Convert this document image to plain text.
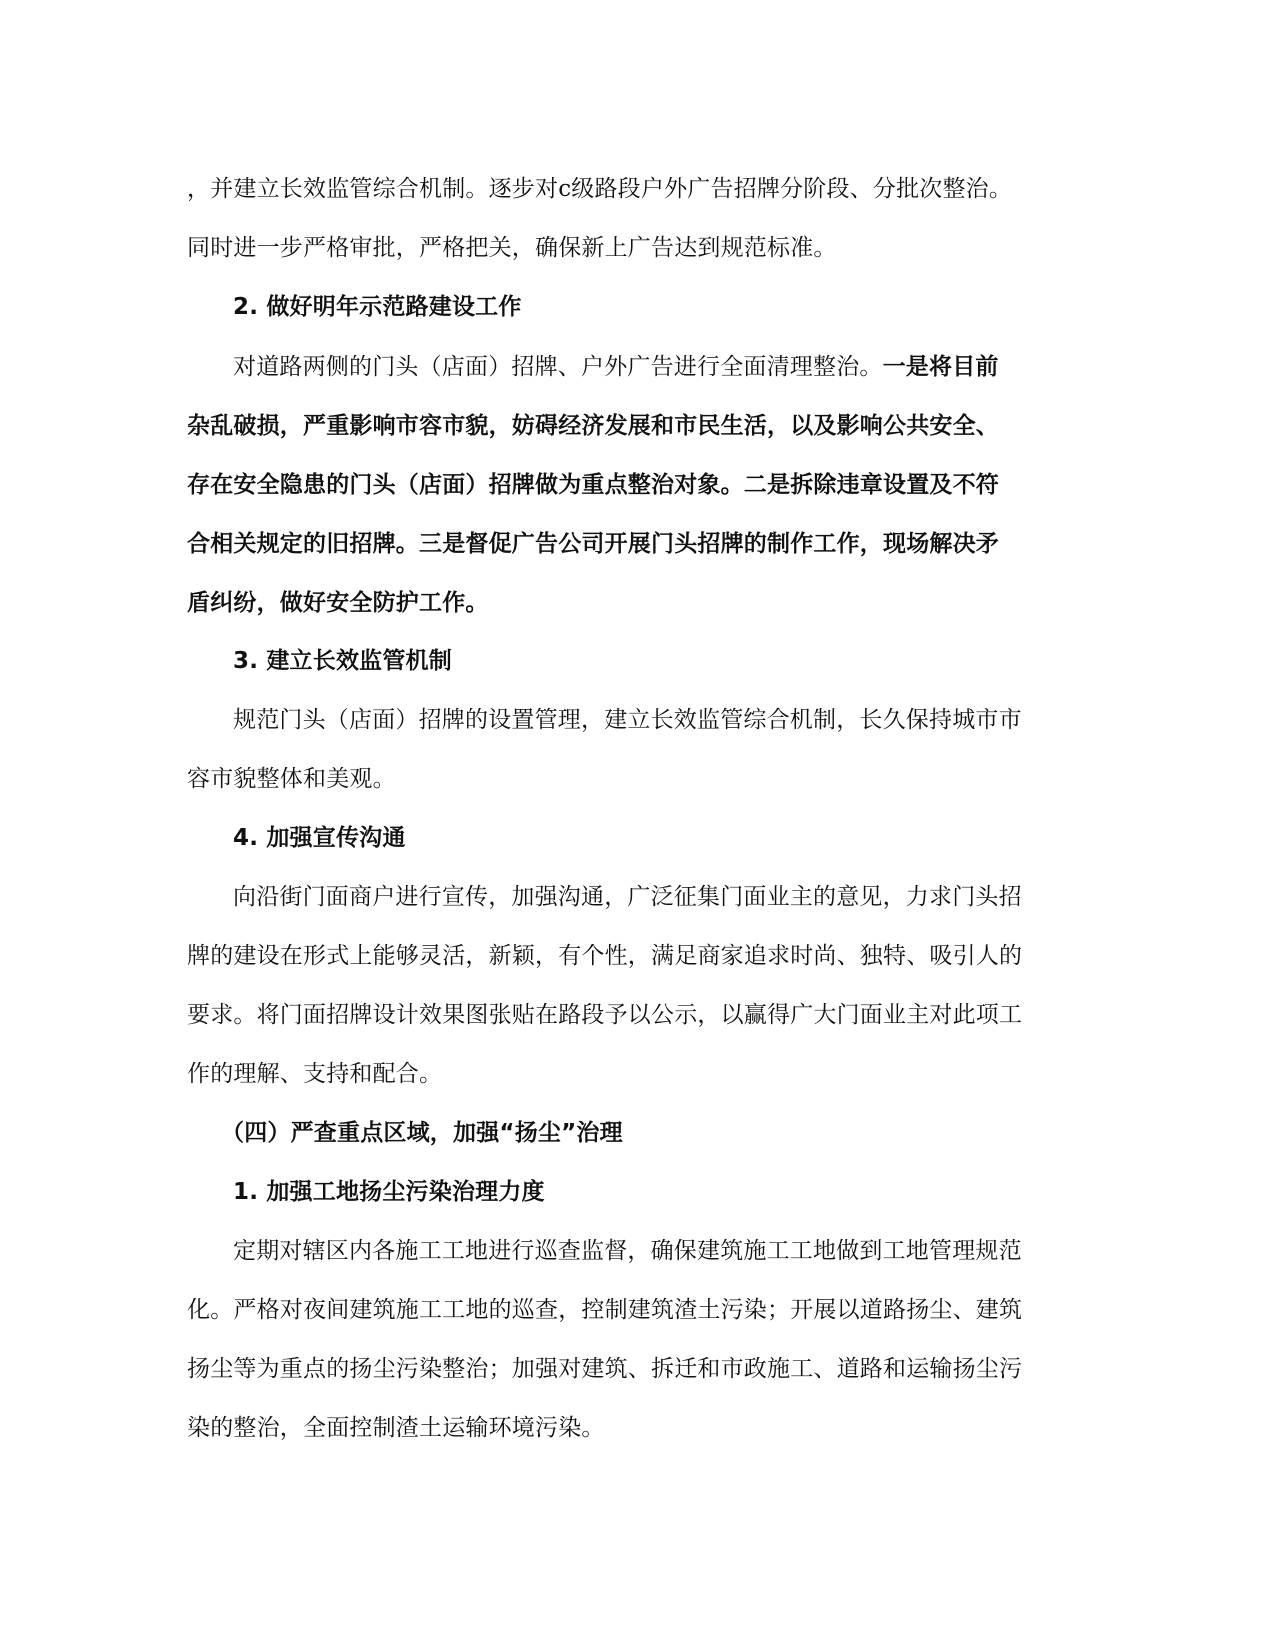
，并建立长效监管综合机制。逐步对c级路段户外广告招牌分阶段、分批次整治。
同时进一步严格审批，严格把关，确保新上广告达到规范标准。
2. 做好明年示范路建设工作
对道路两侧的门头（店面）招牌、户外广告进行全面清理整治。一是将目前
杂乱破损，严重影响市容市貌，妨碍经济发展和市民生活，以及影响公共安全、
存在安全隐患的门头（店面）招牌做为重点整治对象。二是拆除违章设置及不符
合相关规定的旧招牌。三是督促广告公司开展门头招牌的制作工作，现场解决矛
盾纠纷，做好安全防护工作。
3. 建立长效监管机制
规范门头（店面）招牌的设置管理，建立长效监管综合机制，长久保持城市市
容市貌整体和美观。
4. 加强宣传沟通
向沿街门面商户进行宣传，加强沟通，广泛征集门面业主的意见，力求门头招
牌的建设在形式上能够灵活，新颖，有个性，满足商家追求时尚、独特、吸引人的
要求。将门面招牌设计效果图张贴在路段予以公示，以赢得广大门面业主对此项工
作的理解、支持和配合。
（四）严查重点区域，加强“扬尘”治理
1. 加强工地扬尘污染治理力度
定期对辖区内各施工工地进行巡查监督，确保建筑施工工地做到工地管理规范
化。严格对夜间建筑施工工地的巡查，控制建筑渣土污染；开展以道路扬尘、建筑
扬尘等为重点的扬尘污染整治；加强对建筑、拆迁和市政施工、道路和运输扬尘污
染的整治，全面控制渣土运输环境污染。
